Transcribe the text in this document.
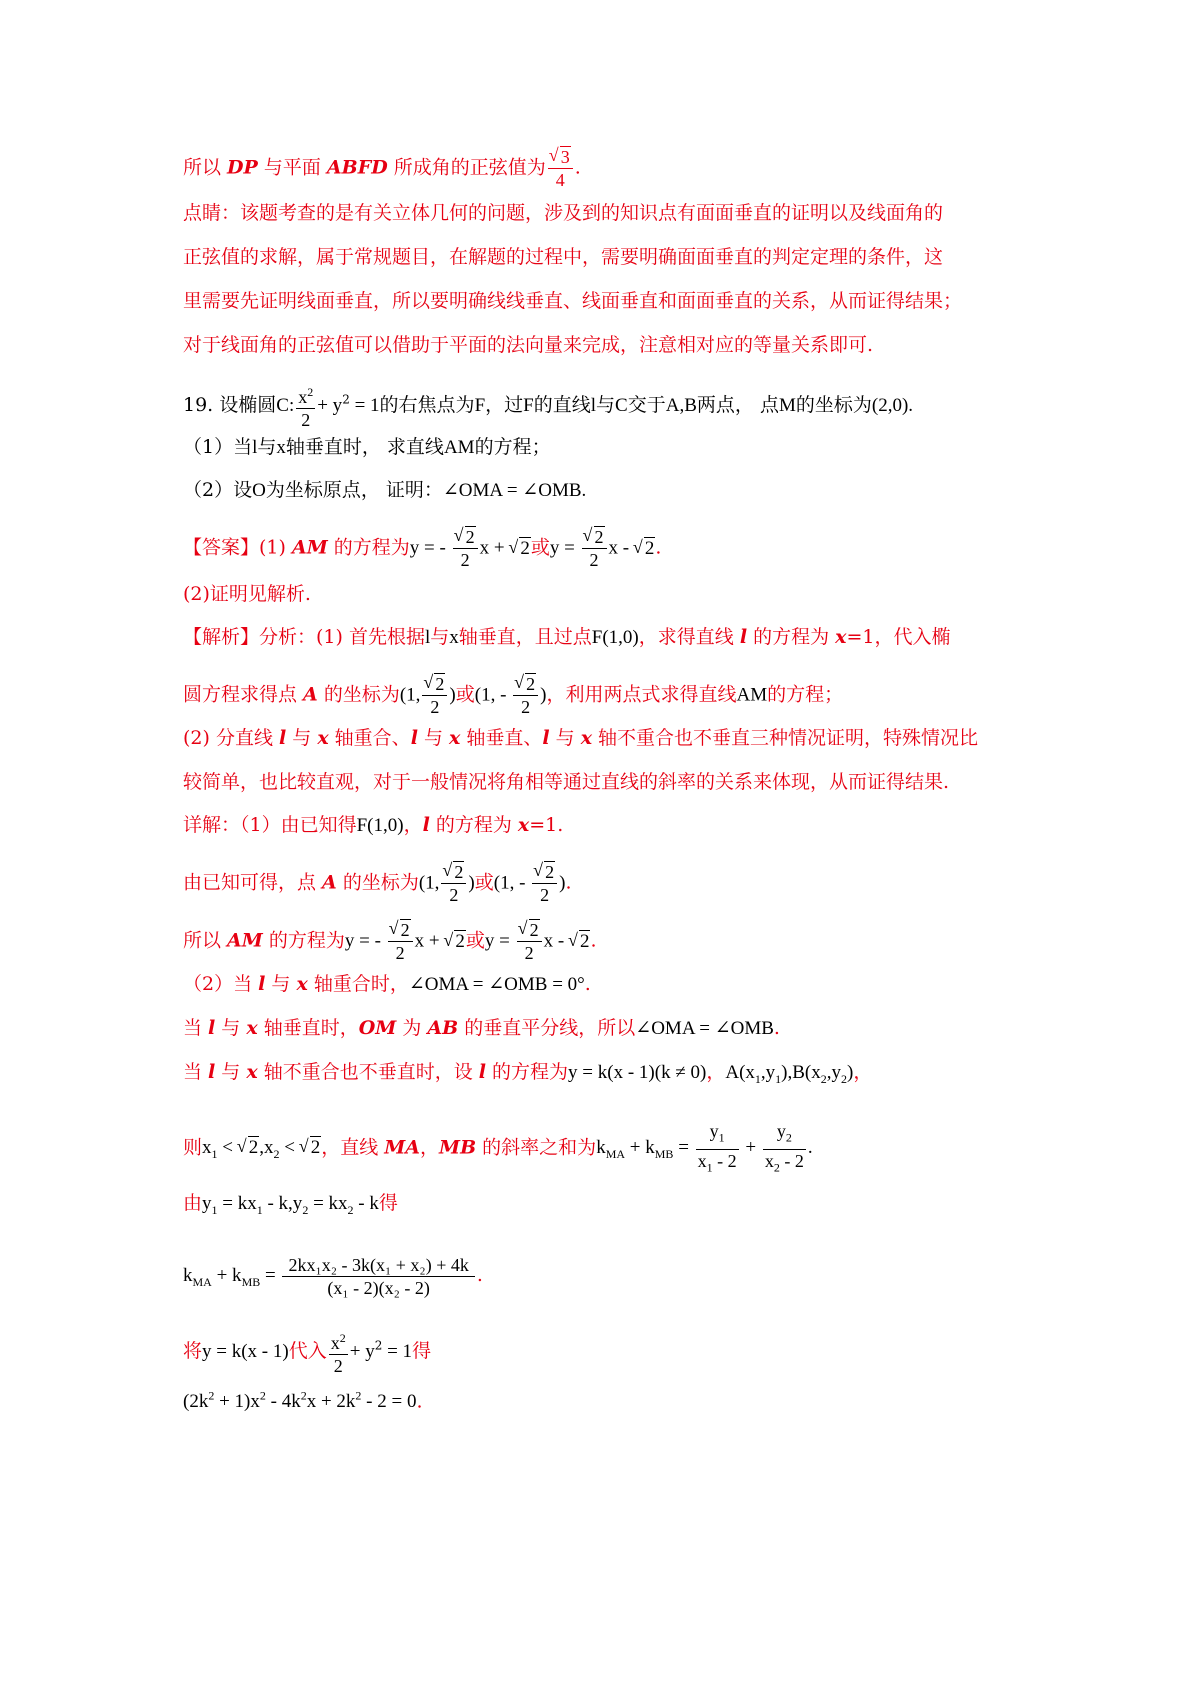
所以 DP 与平面 ABFD 所成角的正弦值为 √ $\frac{3}{4}$ .
点睛：该题考查的是有关立体几何的问题，涉及到的知识点有面面垂直的证明以及线面角的
正弦值的求解，属于常规题目，在解题的过程中，需要明确面面垂直的判定定理的条件，这
里需要先证明线面垂直，所以要明确线线垂直、线面垂直和面面垂直的关系，从而证得结果；
对于线面角的正弦值可以借助于平面的法向量来完成，注意相对应的等量关系即可.
19. 设椭圆C: $\frac{x^2}{2} + y^2 = 1$的右焦点为F，过F的直线l与C交于A,B两点， 点M的坐标为(2,0).
（1）当l与x轴垂直时， 求直线AM的方程；
（2）设O为坐标原点， 证明：∠OMA = ∠OMB.
【答案】(1) AM 的方程为y = - √ $\frac{2}{2}$ x + √ 2或y = √ $\frac{2}{2}$ x - √ 2.
(2)证明见解析.
【解析】分析：(1) 首先根据l与x轴垂直，且过点F(1,0)，求得直线 l 的方程为 x=1，代入椭
圆方程求得点 A 的坐标为(1, √ $\frac{2}{2}$ )或(1, - √ $\frac{2}{2}$ )，利用两点式求得直线AM的方程；
(2) 分直线 l 与 x 轴重合、l 与 x 轴垂直、l 与 x 轴不重合也不垂直三种情况证明，特殊情况比
较简单，也比较直观，对于一般情况将角相等通过直线的斜率的关系来体现，从而证得结果.
详解：（1）由已知得F(1,0)，l 的方程为 x=1.
由已知可得，点 A 的坐标为(1, √ $\frac{2}{2}$ )或(1, - √ $\frac{2}{2}$ ).
所以 AM 的方程为y = - √ $\frac{2}{2}$ x + √ 2或y = √ $\frac{2}{2}$ x - √ 2.
（2）当 l 与 x 轴重合时，∠OMA = ∠OMB = 0°.
当 l 与 x 轴垂直时，OM 为 AB 的垂直平分线，所以∠OMA = ∠OMB.
当 l 与 x 轴不重合也不垂直时，设 l 的方程为y = k(x - 1)(k ≠ 0)，$A(x_1,y_1),B(x_2,y_2)$，
则$x_1$ < √ $2,x_2$ < √ 2，直线 MA，MB 的斜率之和为$k_{MA} + k_{MB} = \frac{y_1}{x_1 - 2} + \frac{y_2}{x_2 - 2}$ .
由$y_1 = kx_1 - k,y_2 = kx_2 - k$得
$k_{MA} + k_{MB} = \frac{\text{2kx₁x₂ - 3k(x₁ + x₂) + 4k}}{\text{(x₁ - 2)(x₂ - 2)}}$ .
将y = k(x - 1)代入 $\frac{x^2}{2} + y^2 = 1$得
$(2k^2 + 1)x^2 - 4k^2x + 2k^2 - 2 = 0$.
